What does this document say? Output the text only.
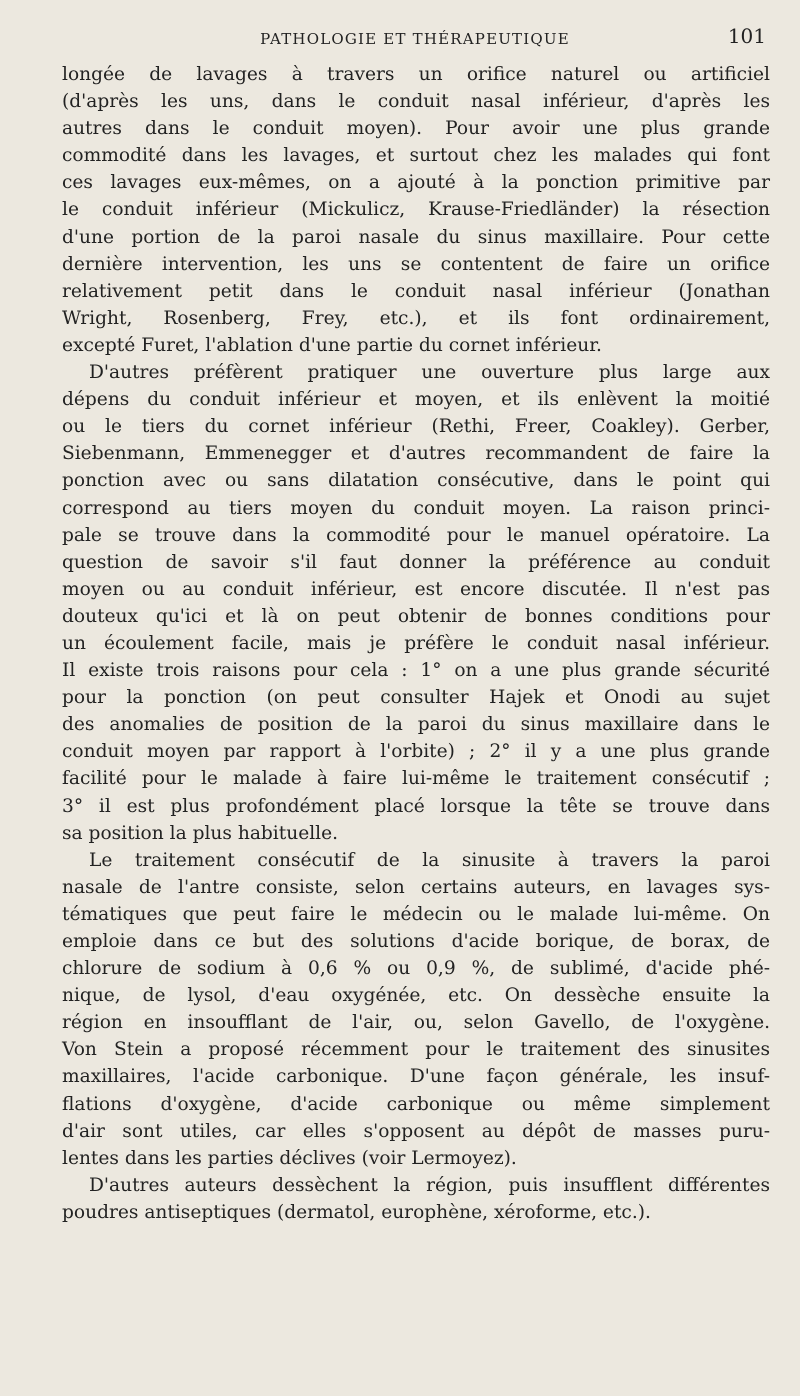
PATHOLOGIE ET THÉRAPEUTIQUE	101
longée de lavages à travers un orifice naturel ou artificiel
(d'après les uns, dans le conduit nasal inférieur, d'après les
autres dans le conduit moyen). Pour avoir une plus grande
commodité dans les lavages, et surtout chez les malades qui font
ces lavages eux-mêmes, on a ajouté à la ponction primitive par
le conduit inférieur (Mickulicz, Krause-Friedländer) la résection
d'une portion de la paroi nasale du sinus maxillaire. Pour cette
dernière intervention, les uns se contentent de faire un orifice
relativement petit dans le conduit nasal inférieur (Jonathan
Wright, Rosenberg, Frey, etc.), et ils font ordinairement,
excepté Furet, l'ablation d'une partie du cornet inférieur.
D'autres préfèrent pratiquer une ouverture plus large aux
dépens du conduit inférieur et moyen, et ils enlèvent la moitié
ou le tiers du cornet inférieur (Rethi, Freer, Coakley). Gerber,
Siebenmann, Emmenegger et d'autres recommandent de faire la
ponction avec ou sans dilatation consécutive, dans le point qui
correspond au tiers moyen du conduit moyen. La raison princi-
pale se trouve dans la commodité pour le manuel opératoire. La
question de savoir s'il faut donner la préférence au conduit
moyen ou au conduit inférieur, est encore discutée. Il n'est pas
douteux qu'ici et là on peut obtenir de bonnes conditions pour
un écoulement facile, mais je préfère le conduit nasal inférieur.
Il existe trois raisons pour cela : 1° on a une plus grande sécurité
pour la ponction (on peut consulter Hajek et Onodi au sujet
des anomalies de position de la paroi du sinus maxillaire dans le
conduit moyen par rapport à l'orbite) ; 2° il y a une plus grande
facilité pour le malade à faire lui-même le traitement consécutif ;
3° il est plus profondément placé lorsque la tête se trouve dans
sa position la plus habituelle.
Le traitement consécutif de la sinusite à travers la paroi
nasale de l'antre consiste, selon certains auteurs, en lavages sys-
tématiques que peut faire le médecin ou le malade lui-même. On
emploie dans ce but des solutions d'acide borique, de borax, de
chlorure de sodium à 0,6 % ou 0,9 %, de sublimé, d'acide phé-
nique, de lysol, d'eau oxygénée, etc. On dessèche ensuite la
région en insoufflant de l'air, ou, selon Gavello, de l'oxygène.
Von Stein a proposé récemment pour le traitement des sinusites
maxillaires, l'acide carbonique. D'une façon générale, les insuf-
flations d'oxygène, d'acide carbonique ou même simplement
d'air sont utiles, car elles s'opposent au dépôt de masses puru-
lentes dans les parties déclives (voir Lermoyez).
D'autres auteurs dessèchent la région, puis insufflent différentes
poudres antiseptiques (dermatol, europhène, xéroforme, etc.).
